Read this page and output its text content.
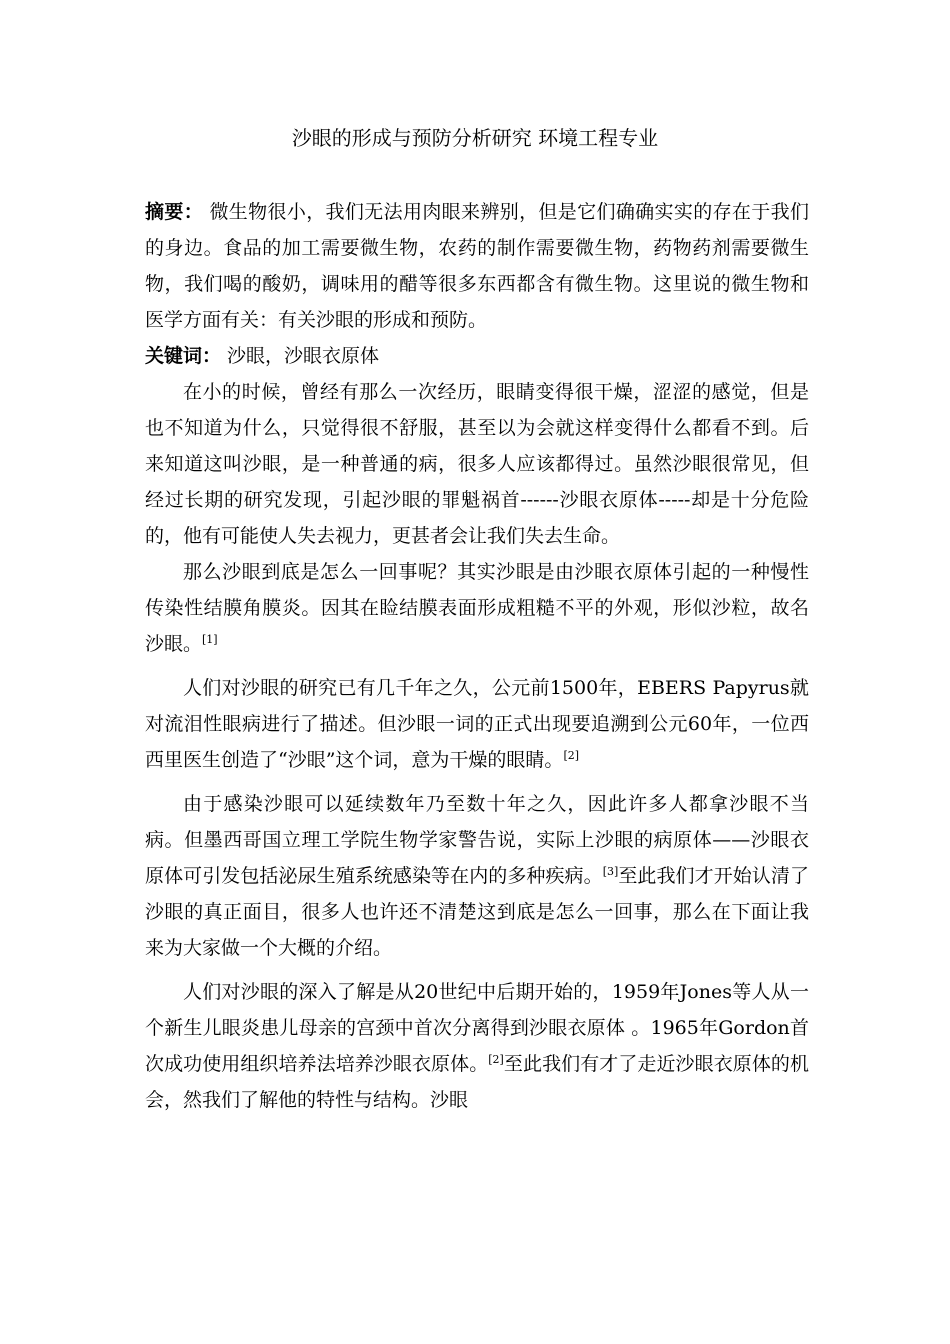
沙眼的形成与预防分析研究 环境工程专业

摘要： 微生物很小，我们无法用肉眼来辨别，但是它们确确实实的存在于我们的身边。食品的加工需要微生物，农药的制作需要微生物，药物药剂需要微生物，我们喝的酸奶，调味用的醋等很多东西都含有微生物。这里说的微生物和医学方面有关：有关沙眼的形成和预防。

关键词： 沙眼，沙眼衣原体

在小的时候，曾经有那么一次经历，眼睛变得很干燥，涩涩的感觉，但是也不知道为什么，只觉得很不舒服，甚至以为会就这样变得什么都看不到。后来知道这叫沙眼，是一种普通的病，很多人应该都得过。虽然沙眼很常见，但经过长期的研究发现，引起沙眼的罪魁祸首------沙眼衣原体-----却是十分危险的，他有可能使人失去视力，更甚者会让我们失去生命。

那么沙眼到底是怎么一回事呢？其实沙眼是由沙眼衣原体引起的一种慢性传染性结膜角膜炎。因其在睑结膜表面形成粗糙不平的外观，形似沙粒，故名沙眼。[1]

人们对沙眼的研究已有几千年之久，公元前1500年，EBERS Papyrus就对流泪性眼病进行了描述。但沙眼一词的正式出现要追溯到公元60年，一位西西里医生创造了“沙眼”这个词，意为干燥的眼睛。[2]

由于感染沙眼可以延续数年乃至数十年之久，因此许多人都拿沙眼不当病。但墨西哥国立理工学院生物学家警告说，实际上沙眼的病原体——沙眼衣原体可引发包括泌尿生殖系统感染等在内的多种疾病。[3]至此我们才开始认清了沙眼的真正面目，很多人也许还不清楚这到底是怎么一回事，那么在下面让我来为大家做一个大概的介绍。

人们对沙眼的深入了解是从20世纪中后期开始的，1959年Jones等人从一个新生儿眼炎患儿母亲的宫颈中首次分离得到沙眼衣原体 。1965年Gordon首次成功使用组织培养法培养沙眼衣原体。[2]至此我们有才了走近沙眼衣原体的机会，然我们了解他的特性与结构。沙眼
